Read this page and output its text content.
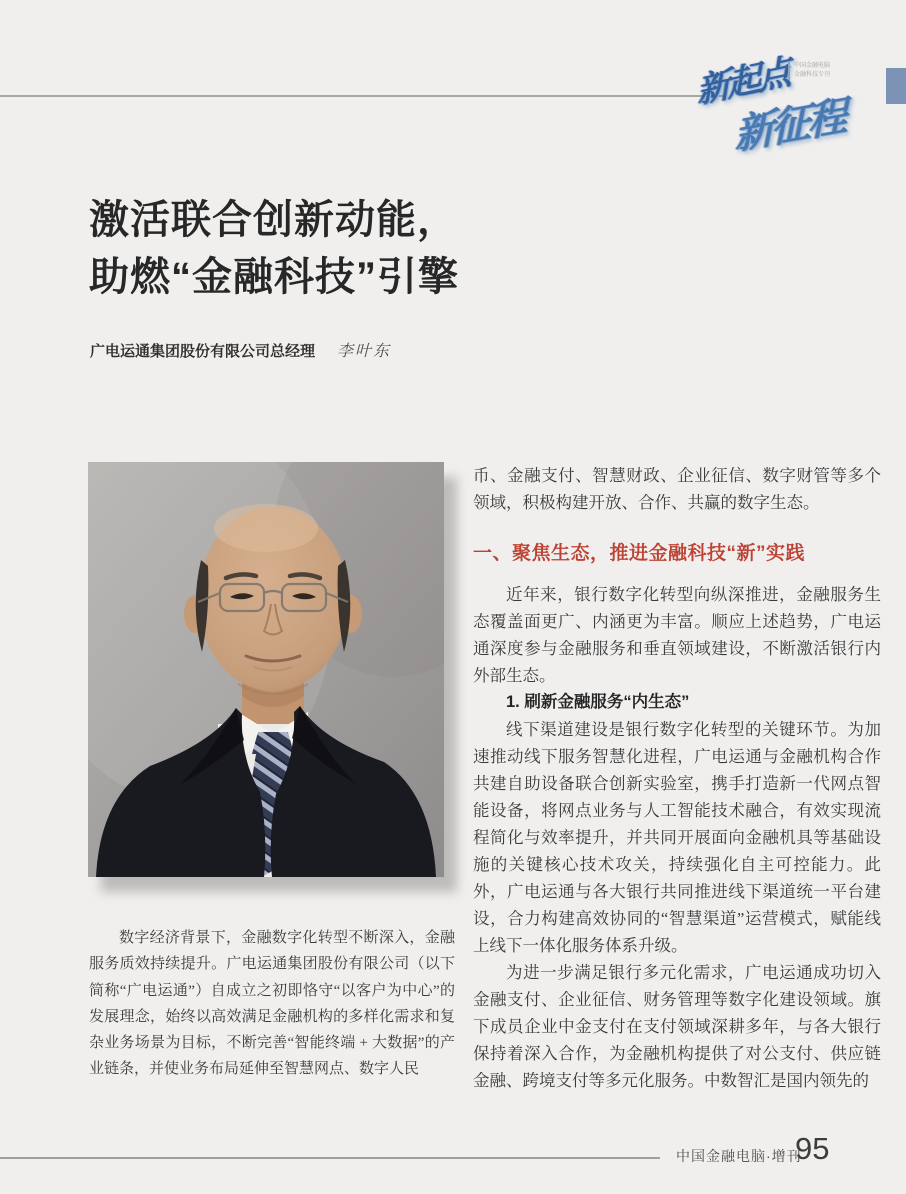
新起点
新征程
中国金融电脑
金融科技专刊
激活联合创新动能，
助燃“金融科技”引擎
广电运通集团股份有限公司总经理 李叶东

数字经济背景下，金融数字化转型不断深入，金融服务质效持续提升。广电运通集团股份有限公司（以下简称“广电运通”）自成立之初即恪守“以客户为中心”的发展理念，始终以高效满足金融机构的多样化需求和复杂业务场景为目标，不断完善“智能终端 + 大数据”的产业链条，并使业务布局延伸至智慧网点、数字人民

币、金融支付、智慧财政、企业征信、数字财管等多个领域，积极构建开放、合作、共赢的数字生态。

一、聚焦生态，推进金融科技“新”实践

近年来，银行数字化转型向纵深推进，金融服务生态覆盖面更广、内涵更为丰富。顺应上述趋势，广电运通深度参与金融服务和垂直领域建设，不断激活银行内外部生态。

1. 刷新金融服务“内生态”

线下渠道建设是银行数字化转型的关键环节。为加速推动线下服务智慧化进程，广电运通与金融机构合作共建自助设备联合创新实验室，携手打造新一代网点智能设备，将网点业务与人工智能技术融合，有效实现流程简化与效率提升，并共同开展面向金融机具等基础设施的关键核心技术攻关，持续强化自主可控能力。此外，广电运通与各大银行共同推进线下渠道统一平台建设，合力构建高效协同的“智慧渠道”运营模式，赋能线上线下一体化服务体系升级。

为进一步满足银行多元化需求，广电运通成功切入金融支付、企业征信、财务管理等数字化建设领域。旗下成员企业中金支付在支付领域深耕多年，与各大银行保持着深入合作，为金融机构提供了对公支付、供应链金融、跨境支付等多元化服务。中数智汇是国内领先的

中国金融电脑·增刊
95
